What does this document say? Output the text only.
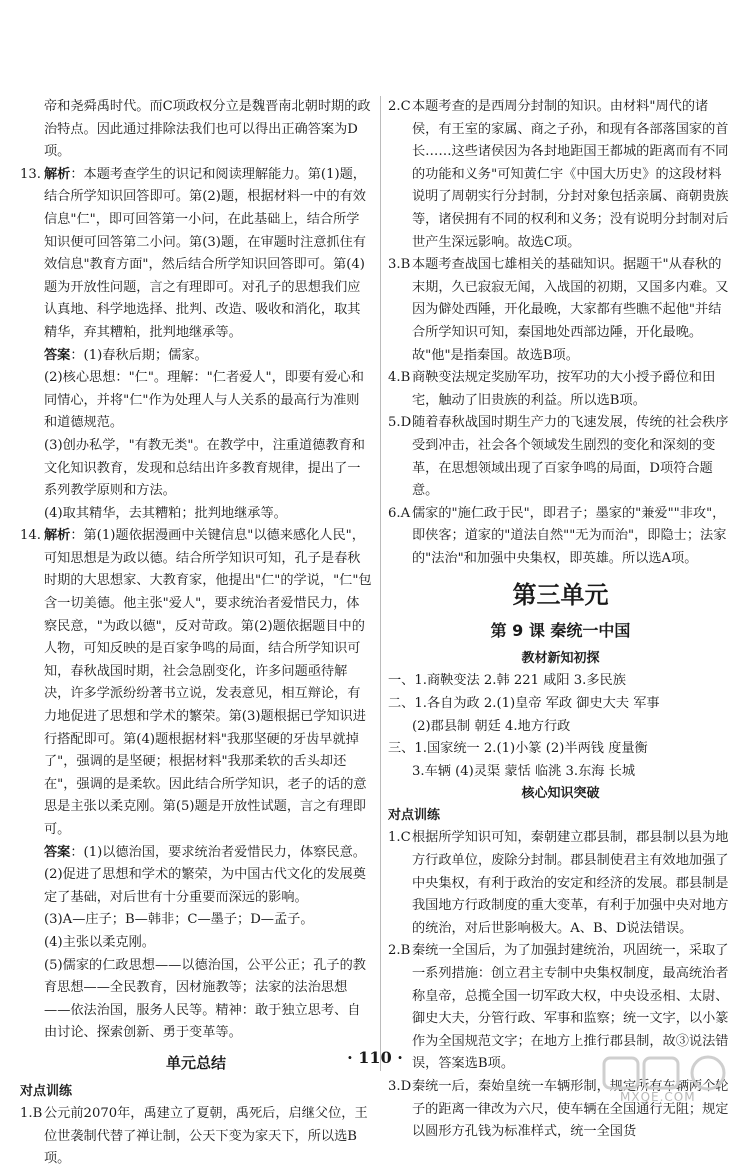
帝和尧舜禹时代。而C项政权分立是魏晋南北朝时期的政治特点。因此通过排除法我们也可以得出正确答案为D项。

13. 解析：本题考查学生的识记和阅读理解能力。第(1)题，结合所学知识回答即可。第(2)题，根据材料一中的有效信息"仁"，即可回答第一小问，在此基础上，结合所学知识便可回答第二小问。第(3)题，在审题时注意抓住有效信息"教育方面"，然后结合所学知识回答即可。第(4)题为开放性问题，言之有理即可。对孔子的思想我们应认真地、科学地选择、批判、改造、吸收和消化，取其精华，弃其糟粕，批判地继承等。

答案：(1)春秋后期；儒家。

(2)核心思想："仁"。理解："仁者爱人"，即要有爱心和同情心，并将"仁"作为处理人与人关系的最高行为准则和道德规范。

(3)创办私学，"有教无类"。在教学中，注重道德教育和文化知识教育，发现和总结出许多教育规律，提出了一系列教学原则和方法。

(4)取其精华，去其糟粕；批判地继承等。

14. 解析：第(1)题依据漫画中关键信息"以德来感化人民"，可知思想是为政以德。结合所学知识可知，孔子是春秋时期的大思想家、大教育家，他提出"仁"的学说，"仁"包含一切美德。他主张"爱人"，要求统治者爱惜民力，体察民意，"为政以德"，反对苛政。第(2)题依据题目中的人物，可知反映的是百家争鸣的局面，结合所学知识可知，春秋战国时期，社会急剧变化，许多问题亟待解决，许多学派纷纷著书立说，发表意见，相互辩论，有力地促进了思想和学术的繁荣。第(3)题根据已学知识进行搭配即可。第(4)题根据材料"我那坚硬的牙齿早就掉了"，强调的是坚硬；根据材料"我那柔软的舌头却还在"，强调的是柔软。因此结合所学知识，老子的话的意思是主张以柔克刚。第(5)题是开放性试题，言之有理即可。

答案：(1)以德治国，要求统治者爱惜民力，体察民意。

(2)促进了思想和学术的繁荣，为中国古代文化的发展奠定了基础，对后世有十分重要而深远的影响。

(3)A—庄子；B—韩非；C—墨子；D—孟子。

(4)主张以柔克刚。

(5)儒家的仁政思想——以德治国，公平公正；孔子的教育思想——全民教育，因材施教等；法家的法治思想——依法治国，服务人民等。精神：敢于独立思考、自由讨论、探索创新、勇于变革等。

单元总结
对点训练

1.B 公元前2070年，禹建立了夏朝，禹死后，启继父位，王位世袭制代替了禅让制，公天下变为家天下，所以选B项。

2.C本题考查的是西周分封制的知识。由材料"周代的诸侯，有王室的家属、商之子孙，和现有各部落国家的首长……这些诸侯因为各封地距国王都城的距离而有不同的功能和义务"可知黄仁宇《中国大历史》的这段材料说明了周朝实行分封制，分封对象包括亲属、商朝贵族等，诸侯拥有不同的权利和义务；没有说明分封制对后世产生深远影响。故选C项。

3.B 本题考查战国七雄相关的基础知识。据题干"从春秋的末期，久已寂寂无闻，入战国的初期，又国多内难。又因为僻处西陲，开化最晚，大家都有些瞧不起他"并结合所学知识可知，秦国地处西部边陲，开化最晚。故"他"是指秦国。故选B项。

4.B 商鞅变法规定奖励军功，按军功的大小授予爵位和田宅，触动了旧贵族的利益。所以选B项。

5.D随着春秋战国时期生产力的飞速发展，传统的社会秩序受到冲击，社会各个领域发生剧烈的变化和深刻的变革，在思想领域出现了百家争鸣的局面，D项符合题意。

6.A 儒家的"施仁政于民"，即君子；墨家的"兼爱""非攻"，即侠客；道家的"道法自然""无为而治"，即隐士；法家的"法治"和加强中央集权，即英雄。所以选A项。

第三单元
第 9 课 秦统一中国
教材新知初探

一、1.商鞅变法 2.韩 221 咸阳 3.多民族

二、1.各自为政 2.(1)皇帝 军政 御史大夫 军事

(2)郡县制 朝廷 4.地方行政

三、1.国家统一 2.(1)小篆 (2)半两钱 度量衡

3.车辆 (4)灵渠 蒙恬 临洮 3.东海 长城

核心知识突破
对点训练

1.C根据所学知识可知，秦朝建立郡县制，郡县制以县为地方行政单位，废除分封制。郡县制使君主有效地加强了中央集权，有利于政治的安定和经济的发展。郡县制是我国地方行政制度的重大变革，有利于加强中央对地方的统治，对后世影响极大。A、B、D说法错误。

2.B 秦统一全国后，为了加强封建统治，巩固统一，采取了一系列措施：创立君主专制中央集权制度，最高统治者称皇帝，总揽全国一切军政大权，中央设丞相、太尉、御史大夫，分管行政、军事和监察；统一文字，以小篆作为全国规范文字；在地方上推行郡县制，故③说法错误，答案选B项。

3.D秦统一后，秦始皇统一车辆形制，规定所有车辆两个轮子的距离一律改为六尺，使车辆在全国通行无阻；规定以圆形方孔钱为标准样式，统一全国货

· 110 ·
MXQE.COM
